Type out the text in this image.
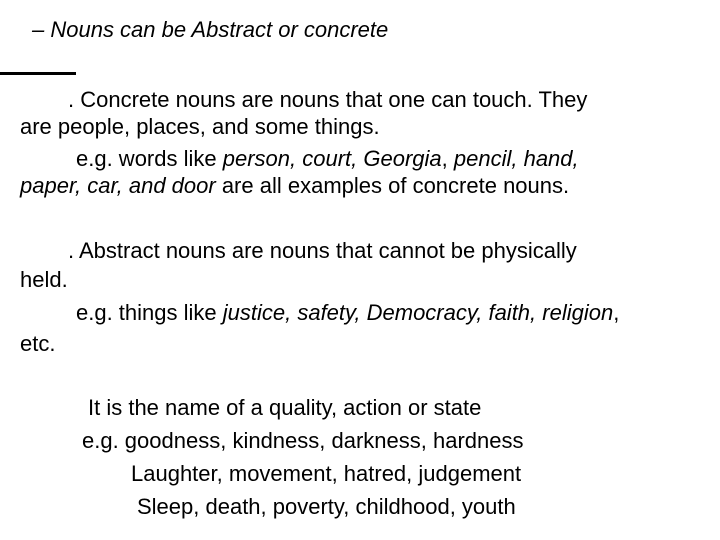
– Nouns can be Abstract or concrete
. Concrete nouns are nouns that one can touch. They
are people, places, and some things.
e.g. words like person, court, Georgia, pencil, hand,
paper, car, and door are all examples of concrete nouns.
. Abstract nouns are nouns that cannot be physically
held.
e.g. things like justice, safety, Democracy, faith, religion,
etc.
It is the name of a quality, action or state
e.g. goodness, kindness, darkness, hardness
Laughter, movement, hatred, judgement
Sleep, death, poverty, childhood, youth
